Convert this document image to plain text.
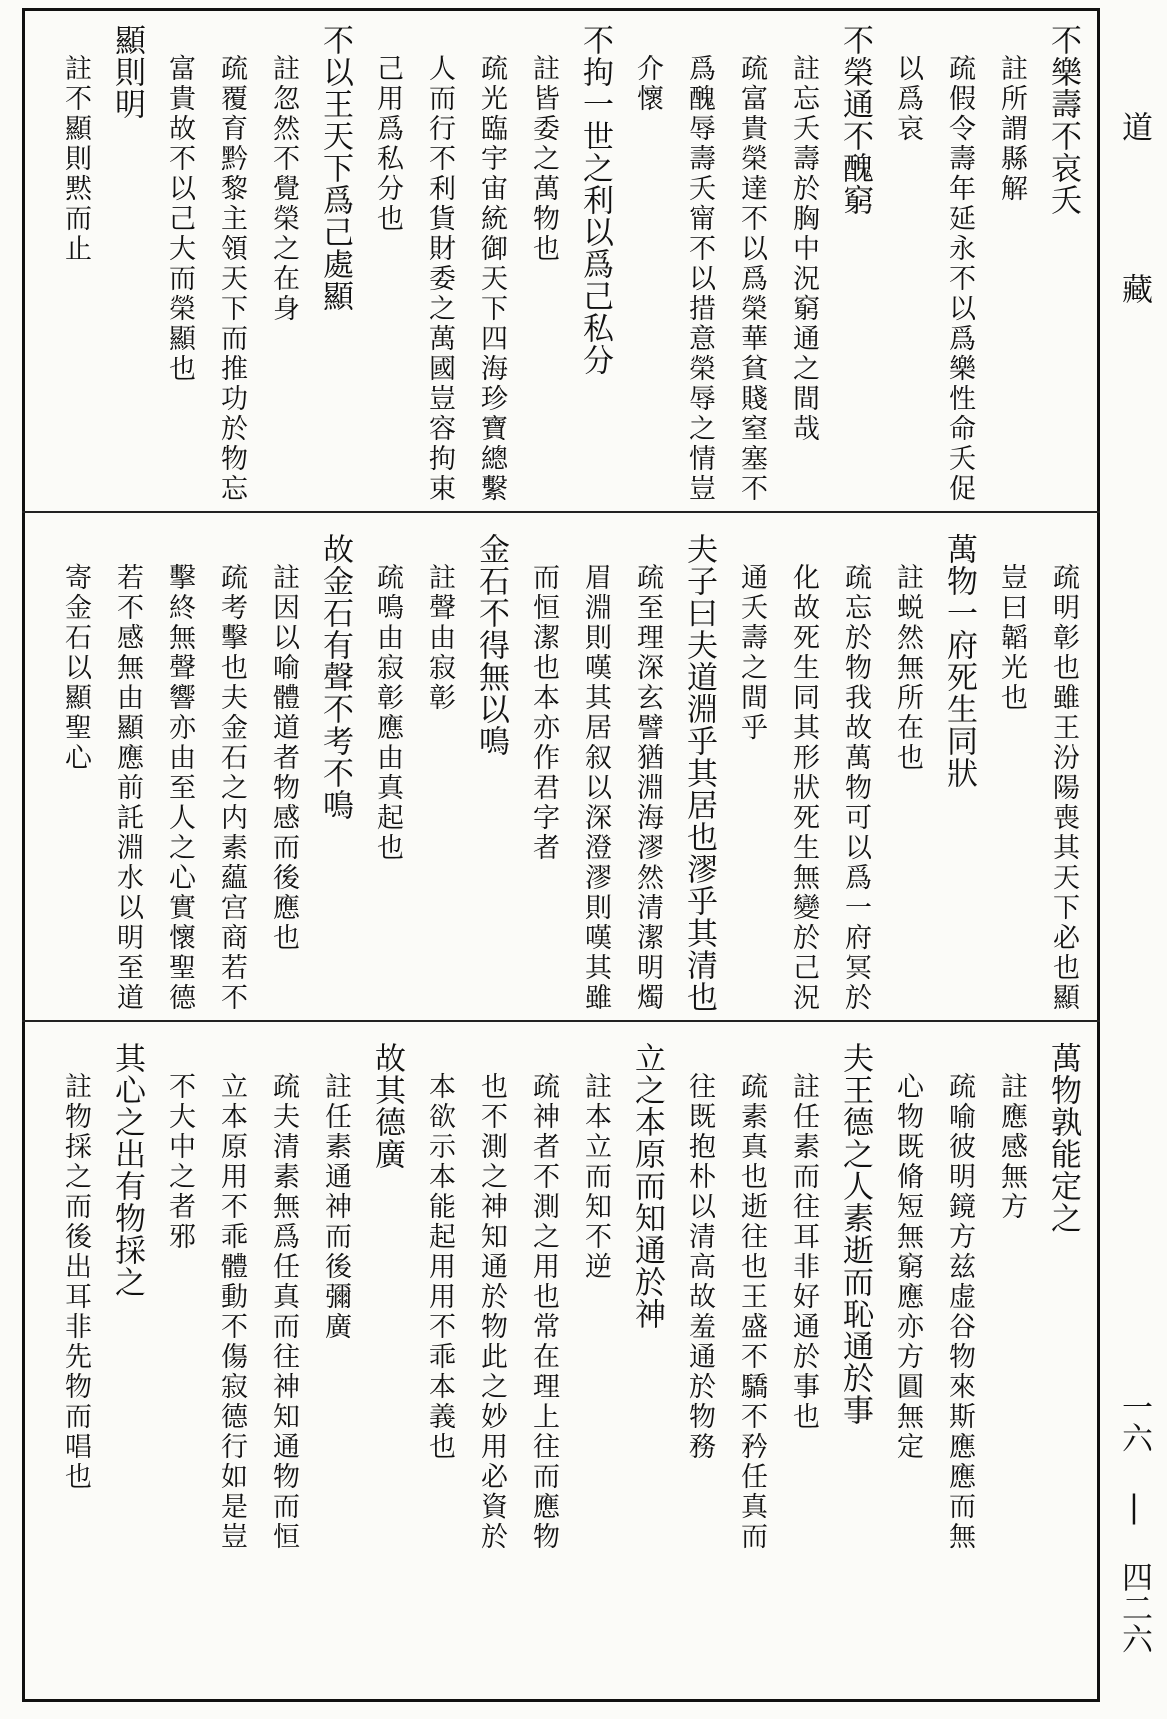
不樂壽不哀夭
　註所謂縣解
　疏假令壽年延永不以爲樂性命夭促
　以爲哀
不榮通不醜窮
　註忘夭壽於胸中況窮通之間哉
　疏富貴榮達不以爲榮華貧賤窒塞不
　爲醜辱壽夭甯不以措意榮辱之情豈
　介懷
不拘一世之利以爲己私分
　註皆委之萬物也
　疏光臨宇宙統御天下四海珍寶總繫
　人而行不利貨財委之萬國豈容拘束
　己用爲私分也
不以王天下爲己處顯
　註忽然不覺榮之在身
　疏覆育黔黎主領天下而推功於物忘
　富貴故不以己大而榮顯也
顯則明
　註不顯則黙而止
　疏明彰也雖王汾陽喪其天下必也顯
　豈曰韜光也
萬物一府死生同狀
　註蜕然無所在也
　疏忘於物我故萬物可以爲一府冥於
　化故死生同其形狀死生無變於己況
　通夭壽之間乎
夫子曰夫道淵乎其居也漻乎其清也
　疏至理深玄譬猶淵海漻然清潔明燭
　眉淵則嘆其居叙以深澄漻則嘆其雖
　而恒潔也本亦作君字者
金石不得無以鳴
　註聲由寂彰
　疏鳴由寂彰應由真起也
故金石有聲不考不鳴
　註因以喻體道者物感而後應也
　疏考擊也夫金石之内素藴宫商若不
　擊終無聲響亦由至人之心實懷聖德
　若不感無由顯應前託淵水以明至道
　寄金石以顯聖心
萬物孰能定之
　註應感無方
　疏喻彼明鏡方兹虚谷物來斯應應而無
　心物既脩短無窮應亦方圓無定
夫王德之人素逝而恥通於事
　註任素而往耳非好通於事也
　疏素真也逝往也王盛不驕不矜任真而
　往既抱朴以清高故羞通於物務
立之本原而知通於神
　註本立而知不逆
　疏神者不測之用也常在理上往而應物
　也不測之神知通於物此之妙用必資於
　本欲示本能起用用不乖本義也
故其德廣
　註任素通神而後彌廣
　疏夫清素無爲任真而往神知通物而恒
　立本原用不乖體動不傷寂德行如是豈
　不大中之者邪
其心之出有物採之
　註物採之而後出耳非先物而唱也
道
藏
一六 | 四二六
